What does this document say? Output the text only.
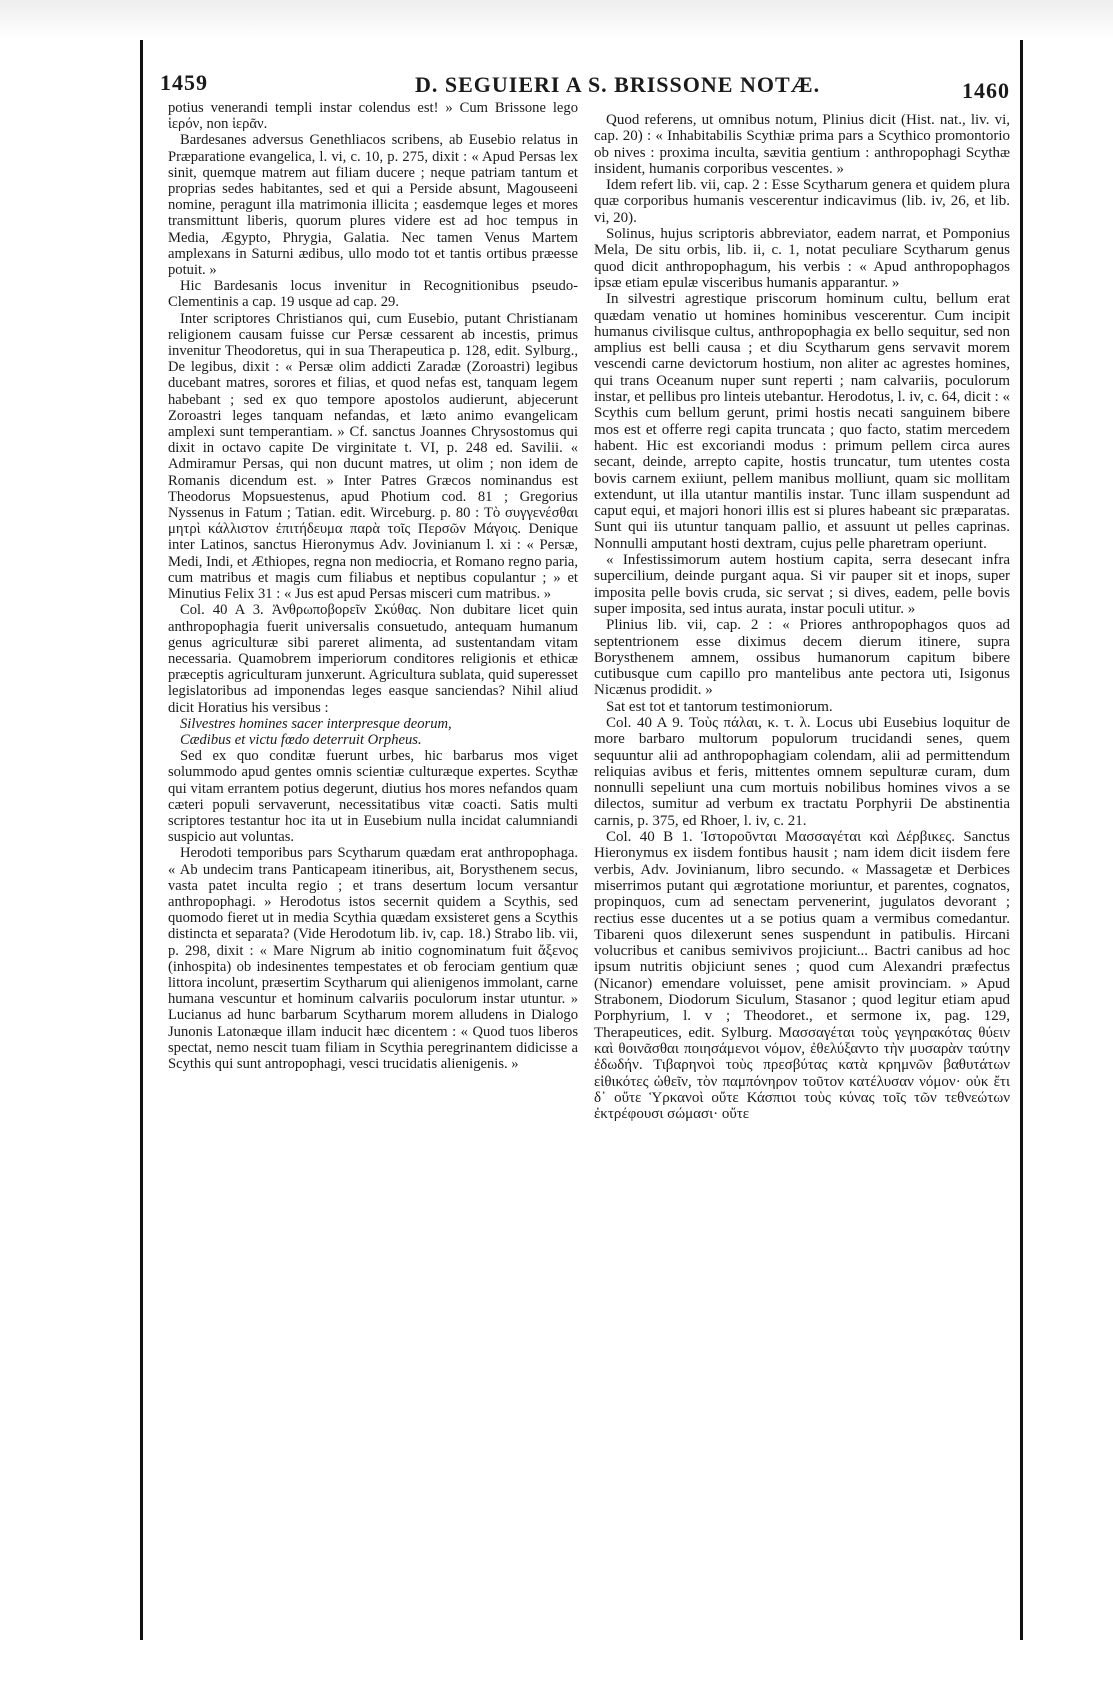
1459	D. SEGUIERI A S. BRISSONE NOTÆ.	1460

potius venerandi templi instar colendus est! » Cum Brissone lego ἱερόν, non ἱερᾶν.

Bardesanes adversus Genethliacos scribens, ab Eusebio relatus in Præparatione evangelica, l. vi, c. 10, p. 275, dixit : « Apud Persas lex sinit, quemque matrem aut filiam ducere ; neque patriam tantum et proprias sedes habitantes, sed et qui a Perside absunt, Magouseeni nomine, peragunt illa matrimonia illicita ; easdemque leges et mores transmittunt liberis, quorum plures videre est ad hoc tempus in Media, Ægypto, Phrygia, Galatia. Nec tamen Venus Martem amplexans in Saturni ædibus, ullo modo tot et tantis ortibus præesse potuit. »

Hic Bardesanis locus invenitur in Recognitionibus pseudo-Clementinis a cap. 19 usque ad cap. 29.

Inter scriptores Christianos qui, cum Eusebio, putant Christianam religionem causam fuisse cur Persæ cessarent ab incestis, primus invenitur Theodoretus, qui in sua Therapeutica p. 128, edit. Sylburg., De legibus, dixit : « Persæ olim addicti Zaradæ (Zoroastri) legibus ducebant matres, sorores et filias, et quod nefas est, tanquam legem habebant ; sed ex quo tempore apostolos audierunt, abjecerunt Zoroastri leges tanquam nefandas, et læto animo evangelicam amplexi sunt temperantiam. » Cf. sanctus Joannes Chrysostomus qui dixit in octavo capite De virginitate t. VI, p. 248 ed. Savilii. « Admiramur Persas, qui non ducunt matres, ut olim ; non idem de Romanis dicendum est. » Inter Patres Græcos nominandus est Theodorus Mopsuestenus, apud Photium cod. 81 ; Gregorius Nyssenus in Fatum ; Tatian. edit. Wirceburg. p. 80 : Τὸ συγγενέσθαι μητρὶ κάλλιστον ἐπιτήδευμα παρὰ τοῖς Περσῶν Μάγοις. Denique inter Latinos, sanctus Hieronymus Adv. Jovinianum l. xi : « Persæ, Medi, Indi, et Æthiopes, regna non mediocria, et Romano regno paria, cum matribus et magis cum filiabus et neptibus copulantur ; » et Minutius Felix 31 : « Jus est apud Persas misceri cum matribus. »

Col. 40 A 3. Ἀνθρωποβορεῖν Σκύθας. Non dubitare licet quin anthropophagia fuerit universalis consuetudo, antequam humanum genus agriculturæ sibi pareret alimenta, ad sustentandam vitam necessaria. Quamobrem imperiorum conditores religionis et ethicæ præceptis agriculturam junxerunt. Agricultura sublata, quid superesset legislatoribus ad imponendas leges easque sanciendas? Nihil aliud dicit Horatius his versibus :

Silvestres homines sacer interpresque deorum,

Cædibus et victu fœdo deterruit Orpheus.

Sed ex quo conditæ fuerunt urbes, hic barbarus mos viget solummodo apud gentes omnis scientiæ culturæque expertes. Scythæ qui vitam errantem potius degerunt, diutius hos mores nefandos quam cæteri populi servaverunt, necessitatibus vitæ coacti. Satis multi scriptores testantur hoc ita ut in Eusebium nulla incidat calumniandi suspicio aut voluntas.

Herodoti temporibus pars Scytharum quædam erat anthropophaga. « Ab undecim trans Panticapeam itineribus, ait, Borysthenem secus, vasta patet inculta regio ; et trans desertum locum versantur anthropophagi. » Herodotus istos secernit quidem a Scythis, sed quomodo fieret ut in media Scythia quædam exsisteret gens a Scythis distincta et separata? (Vide Herodotum lib. iv, cap. 18.) Strabo lib. vii, p. 298, dixit : « Mare Nigrum ab initio cognominatum fuit ἄξενος (inhospita) ob indesinentes tempestates et ob ferociam gentium quæ littora incolunt, præsertim Scytharum qui alienigenos immolant, carne humana vescuntur et hominum calvariis poculorum instar utuntur. » Lucianus ad hunc barbarum Scytharum morem alludens in Dialogo Junonis Latonæque illam inducit hæc dicentem : « Quod tuos liberos spectat, nemo nescit tuam filiam in Scythia peregrinantem didicisse a Scythis qui sunt antropophagi, vesci trucidatis alienigenis. »

Quod referens, ut omnibus notum, Plinius dicit (Hist. nat., liv. vi, cap. 20) : « Inhabitabilis Scythiæ prima pars a Scythico promontorio ob nives : proxima inculta, sævitia gentium : anthropophagi Scythæ insident, humanis corporibus vescentes. »

Idem refert lib. vii, cap. 2 : Esse Scytharum genera et quidem plura quæ corporibus humanis vescerentur indicavimus (lib. iv, 26, et lib. vi, 20).

Solinus, hujus scriptoris abbreviator, eadem narrat, et Pomponius Mela, De situ orbis, lib. ii, c. 1, notat peculiare Scytharum genus quod dicit anthropophagum, his verbis : « Apud anthropophagos ipsæ etiam epulæ visceribus humanis apparantur. »

In silvestri agrestique priscorum hominum cultu, bellum erat quædam venatio ut homines hominibus vescerentur. Cum incipit humanus civilisque cultus, anthropophagia ex bello sequitur, sed non amplius est belli causa ; et diu Scytharum gens servavit morem vescendi carne devictorum hostium, non aliter ac agrestes homines, qui trans Oceanum nuper sunt reperti ; nam calvariis, poculorum instar, et pellibus pro linteis utebantur. Herodotus, l. iv, c. 64, dicit : « Scythis cum bellum gerunt, primi hostis necati sanguinem bibere mos est et offerre regi capita truncata ; quo facto, statim mercedem habent. Hic est excoriandi modus : primum pellem circa aures secant, deinde, arrepto capite, hostis truncatur, tum utentes costa bovis carnem exiiunt, pellem manibus molliunt, quam sic mollitam extendunt, ut illa utantur mantilis instar. Tunc illam suspendunt ad caput equi, et majori honori illis est si plures habeant sic præparatas. Sunt qui iis utuntur tanquam pallio, et assuunt ut pelles caprinas. Nonnulli amputant hosti dextram, cujus pelle pharetram operiunt.

« Infestissimorum autem hostium capita, serra desecant infra supercilium, deinde purgant aqua. Si vir pauper sit et inops, super imposita pelle bovis cruda, sic servat ; si dives, eadem, pelle bovis super imposita, sed intus aurata, instar poculi utitur. »

Plinius lib. vii, cap. 2 : « Priores anthropophagos quos ad septentrionem esse diximus decem dierum itinere, supra Borysthenem amnem, ossibus humanorum capitum bibere cutibusque cum capillo pro mantelibus ante pectora uti, Isigonus Nicænus prodidit. »

Sat est tot et tantorum testimoniorum.

Col. 40 A 9. Τοὺς πάλαι, κ. τ. λ. Locus ubi Eusebius loquitur de more barbaro multorum populorum trucidandi senes, quem sequuntur alii ad anthropophagiam colendam, alii ad permittendum reliquias avibus et feris, mittentes omnem sepulturæ curam, dum nonnulli sepeliunt una cum mortuis nobilibus homines vivos a se dilectos, sumitur ad verbum ex tractatu Porphyrii De abstinentia carnis, p. 375, ed Rhoer, l. iv, c. 21.

Col. 40 B 1. Ἱστοροῦνται Μασσαγέται καὶ Δέρβικες. Sanctus Hieronymus ex iisdem fontibus hausit ; nam idem dicit iisdem fere verbis, Adv. Jovinianum, libro secundo. « Massagetæ et Derbices miserrimos putant qui ægrotatione moriuntur, et parentes, cognatos, propinquos, cum ad senectam pervenerint, jugulatos devorant ; rectius esse ducentes ut a se potius quam a vermibus comedantur. Tibareni quos dilexerunt senes suspendunt in patibulis. Hircani volucribus et canibus semivivos projiciunt... Bactri canibus ad hoc ipsum nutritis objiciunt senes ; quod cum Alexandri præfectus (Nicanor) emendare voluisset, pene amisit provinciam. » Apud Strabonem, Diodorum Siculum, Stasanor ; quod legitur etiam apud Porphyrium, l. v ; Theodoret., et sermone ix, pag. 129, Therapeutices, edit. Sylburg. Μασσαγέται τοὺς γεγηρακότας θύειν καὶ θοινᾶσθαι ποιησάμενοι νόμον, ἐθελύξαντο τὴν μυσαρὰν ταύτην ἐδωδήν. Τιβαρηνοὶ τοὺς πρεσβύτας κατὰ κρημνῶν βαθυτάτων εἰθικότες ὠθεῖν, τὸν παμπόνηρον τοῦτον κατέλυσαν νόμον· οὐκ ἔτι δ᾽ οὔτε Ὑρκανοὶ οὔτε Κάσπιοι τοὺς κύνας τοῖς τῶν τεθνεώτων ἐκτρέφουσι σώμασι· οὔτε
